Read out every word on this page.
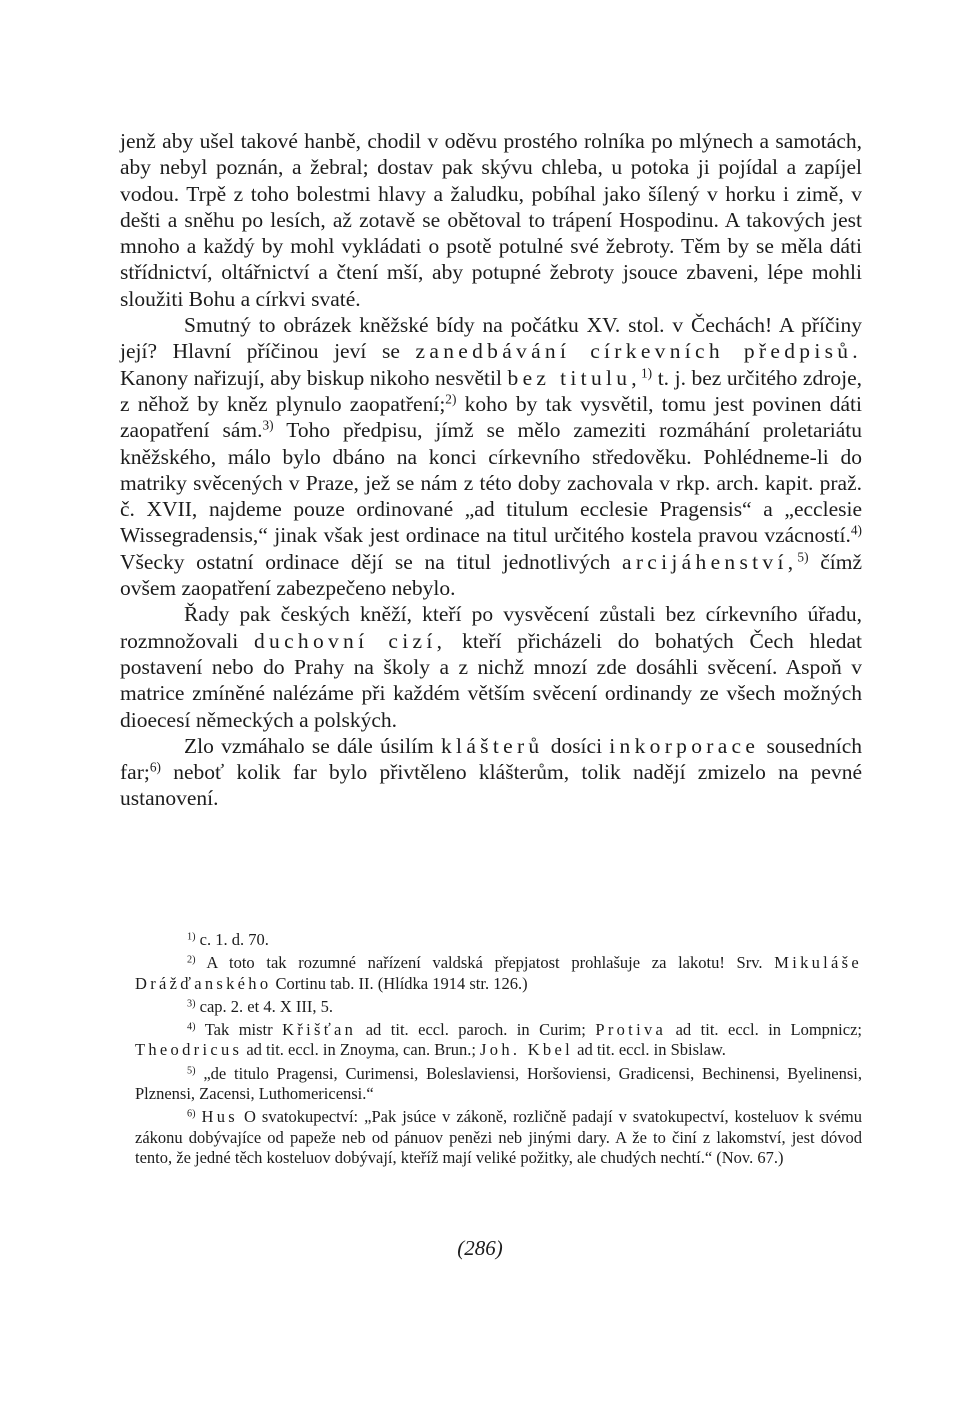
jenž aby ušel takové hanbě, chodil v oděvu prostého rolníka po mlýnech a samotách, aby nebyl poznán, a žebral; dostav pak skývu chleba, u potoka ji pojídal a zapíjel vodou. Trpě z toho bolestmi hlavy a žaludku, pobíhal jako šílený v horku i zimě, v dešti a sněhu po lesích, až zotavě se obětoval to trápení Hospodinu. A takových jest mnoho a každý by mohl vykládati o psotě potulné své žebroty. Těm by se měla dáti střídnictví, oltářnictví a čtení mší, aby potupné žebroty jsouce zbaveni, lépe mohli sloužiti Bohu a církvi svaté.

Smutný to obrázek kněžské bídy na počátku XV. stol. v Čechách! A příčiny její? Hlavní příčinou jeví se zanedbávání církevních předpisů. Kanony nařizují, aby biskup nikoho nesvětil bez titulu,$^{1)}$ t. j. bez určitého zdroje, z něhož by kněz plynulo zaopatření;$^{2)}$ koho by tak vysvětil, tomu jest povinen dáti zaopatření sám.$^{3)}$ Toho předpisu, jímž se mělo zameziti rozmáhání proletariátu kněžského, málo bylo dbáno na konci církevního středověku. Pohlédneme-li do matriky svěcených v Praze, jež se nám z této doby zachovala v rkp. arch. kapit. praž. č. XVII, najdeme pouze ordinované „ad titulum ecclesie Pragensis“ a „ecclesie Wissegradensis,“ jinak však jest ordinace na titul určitého kostela pravou vzácností.$^{4)}$ Všecky ostatní ordinace dějí se na titul jednotlivých arcijáhenství,$^{5)}$ čímž ovšem zaopatření zabezpečeno nebylo.

Řady pak českých kněží, kteří po vysvěcení zůstali bez církevního úřadu, rozmnožovali duchovní cizí, kteří přicházeli do bohatých Čech hledat postavení nebo do Prahy na školy a z nichž mnozí zde dosáhli svěcení. Aspoň v matrice zmíněné nalézáme při každém větším svěcení ordinandy ze všech možných dioecesí německých a polských.

Zlo vzmáhalo se dále úsilím klášterů dosíci inkorporace sousedních far;$^{6)}$ neboť kolik far bylo přivtěleno klášterům, tolik nadějí zmizelo na pevné ustanovení.

$^{1)}$ c. 1. d. 70.

$^{2)}$ A toto tak rozumné nařízení valdská přepjatost prohlašuje za lakotu! Srv. Mikuláše Drážďanského Cortinu tab. II. (Hlídka 1914 str. 126.)

$^{3)}$ cap. 2. et 4. X III, 5.

$^{4)}$ Tak mistr Křišťan ad tit. eccl. paroch. in Curim; Protiva ad tit. eccl. in Lompnicz; Theodricus ad tit. eccl. in Znoyma, can. Brun.; Joh. Kbel ad tit. eccl. in Sbislaw.

$^{5)}$ „de titulo Pragensi, Curimensi, Boleslaviensi, Horšoviensi, Gradicensi, Bechinensi, Byelinensi, Plznensi, Zacensi, Luthomericensi.“

$^{6)}$ Hus O svatokupectví: „Pak jsúce v zákoně, rozličně padají v svatokupectví, kosteluov k svému zákonu dobývajíce od papeže neb od pánuov penězi neb jinými dary. A že to činí z lakomství, jest dóvod tento, že jedné těch kosteluov dobývají, kteříž mají veliké požitky, ale chudých nechtí.“ (Nov. 67.)

(286)
